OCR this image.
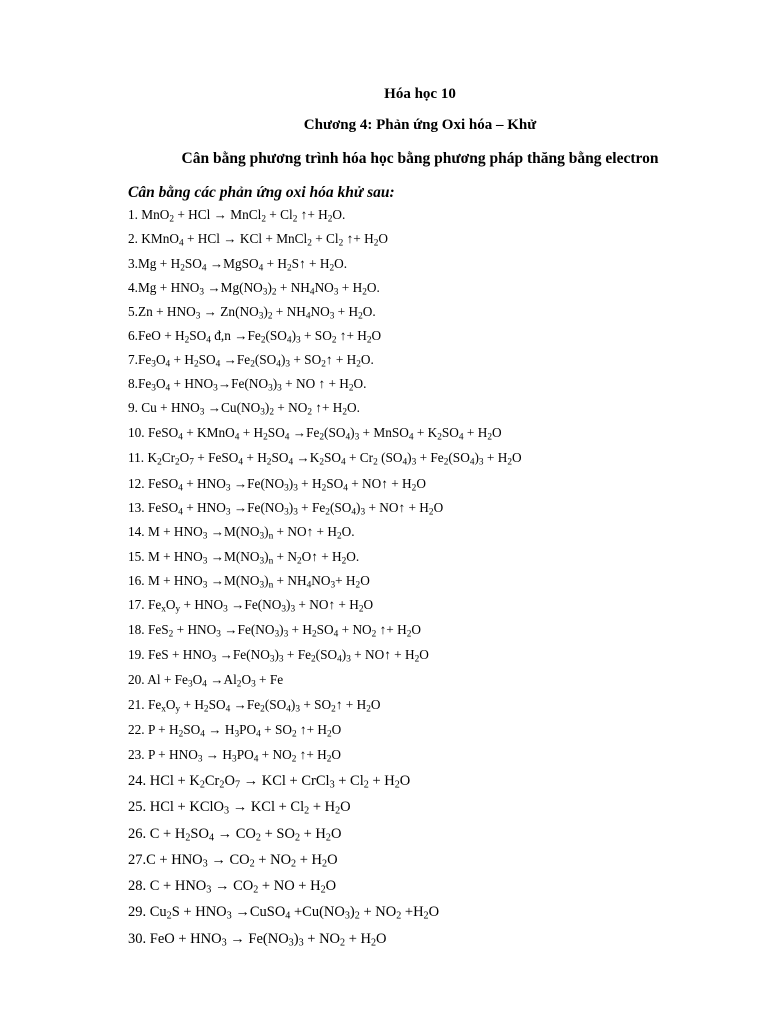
Hóa học 10
Chương 4: Phản ứng Oxi hóa – Khử
Cân bằng phương trình hóa học bằng phương pháp thăng bằng electron
Cân bằng các phản ứng oxi hóa khử sau:
1. MnO$_2$ + HCl → MnCl$_2$ + $Cl_2$ ↑+ $H_2O$.
2. KMnO$_4$ + HCl → KCl + MnCl$_2$ + $Cl_2$ ↑+ $H_2O$
$3.Mg + H_2SO_4$ →MgSO$_4$ + $H_2S↑ + H_2O$.
$4.Mg + HNO_3 \to Mg(NO_3)_2 + NH_4NO_3 + H_2O$.
$5.Zn + HNO_3 \to Zn(NO_3)_2 + NH_4NO_3 + H_2O$.
$6.FeO + H_2SO_4$ đ,n $\to Fe_2(SO_4)_3 + SO_2$ ↑+ $H_2O$
$7.Fe_3O_4 + H_2SO_4 \to Fe_2(SO_4)_3$ + $SO_2↑ + H_2O$.
$8.Fe_3O_4 + HNO_3\to Fe(NO_3)_3$ + NO ↑ + $H_2O$.
9. $Cu + HNO_3 \to Cu(NO_3)_2 + NO_2$ ↑+ $H_2O$.
10. FeSO$_4$ + KMnO$_4$ + $H_2SO_4 \to Fe_2(SO_4)_3$ + MnSO$_4$ + $K_2SO_4 + H_2O$
11. $K_2Cr_2O_7$ + FeSO$_4$ + $H_2SO_4 \to K_2SO_4 + Cr_2$ $(SO_4)_3 + Fe_2(SO_4)_3 + H_2O$
12. FeSO$_4$ + $HNO_3 \to Fe(NO_3)_3 + H_2SO_4$ + NO↑ + $H_2O$
13. FeSO$_4$ + $HNO_3 \to Fe(NO_3)_3 + Fe_2(SO_4)_3$ + NO↑ + $H_2O$
14. $M + HNO_3 \to M(NO_3)_n$ + NO↑ + $H_2O$.
15. $M + HNO_3 \to M(NO_3)_n$ + $N_2O↑ + H_2O$.
16. $M + HNO_3 \to M(NO_3)_n + NH_4NO_3+ H_2O$
17. $Fe_xO_y + HNO_3 \to Fe(NO_3)_3$ + NO↑ + $H_2O$
18. $FeS_2 + HNO_3 \to Fe(NO_3)_3 + H_2SO_4 + NO_2$ ↑+ $H_2O$
19. FeS + $HNO_3 \to Fe(NO_3)_3 + Fe_2(SO_4)_3$ + NO↑ + $H_2O$
20. $Al + Fe_3O_4 \to Al_2O_3 + Fe$
21. $Fe_xO_y + H_2SO_4 \to Fe_2(SO_4)_3$ + $SO_2↑ + H_2O$
22. $P + H_2SO_4 \to H_3PO_4 + SO_2$ ↑+ $H_2O$
23. $P + HNO_3 \to H_3PO_4 + NO_2$ ↑+ $H_2O$
24. HCl + $K_2Cr_2O_7$ → KCl + CrCl$_3$ + $Cl_2 + H_2O$
25. HCl + KClO$_3$ → KCl + $Cl_2 + H_2O$
26. $C + H_2SO_4 \to CO_2 + SO_2 + H_2O$
$27.C + HNO_3 \to CO_2 + NO_2 + H_2O$
28. $C + HNO_3 \to CO_2$ + NO + $H_2O$
29. $Cu_2S + HNO_3$ →CuSO$_4$ $+Cu(NO_3)_2 + NO_2 +H_2O$
30. FeO + $HNO_3 \to Fe(NO_3)_3 + NO_2 + H_2O$
